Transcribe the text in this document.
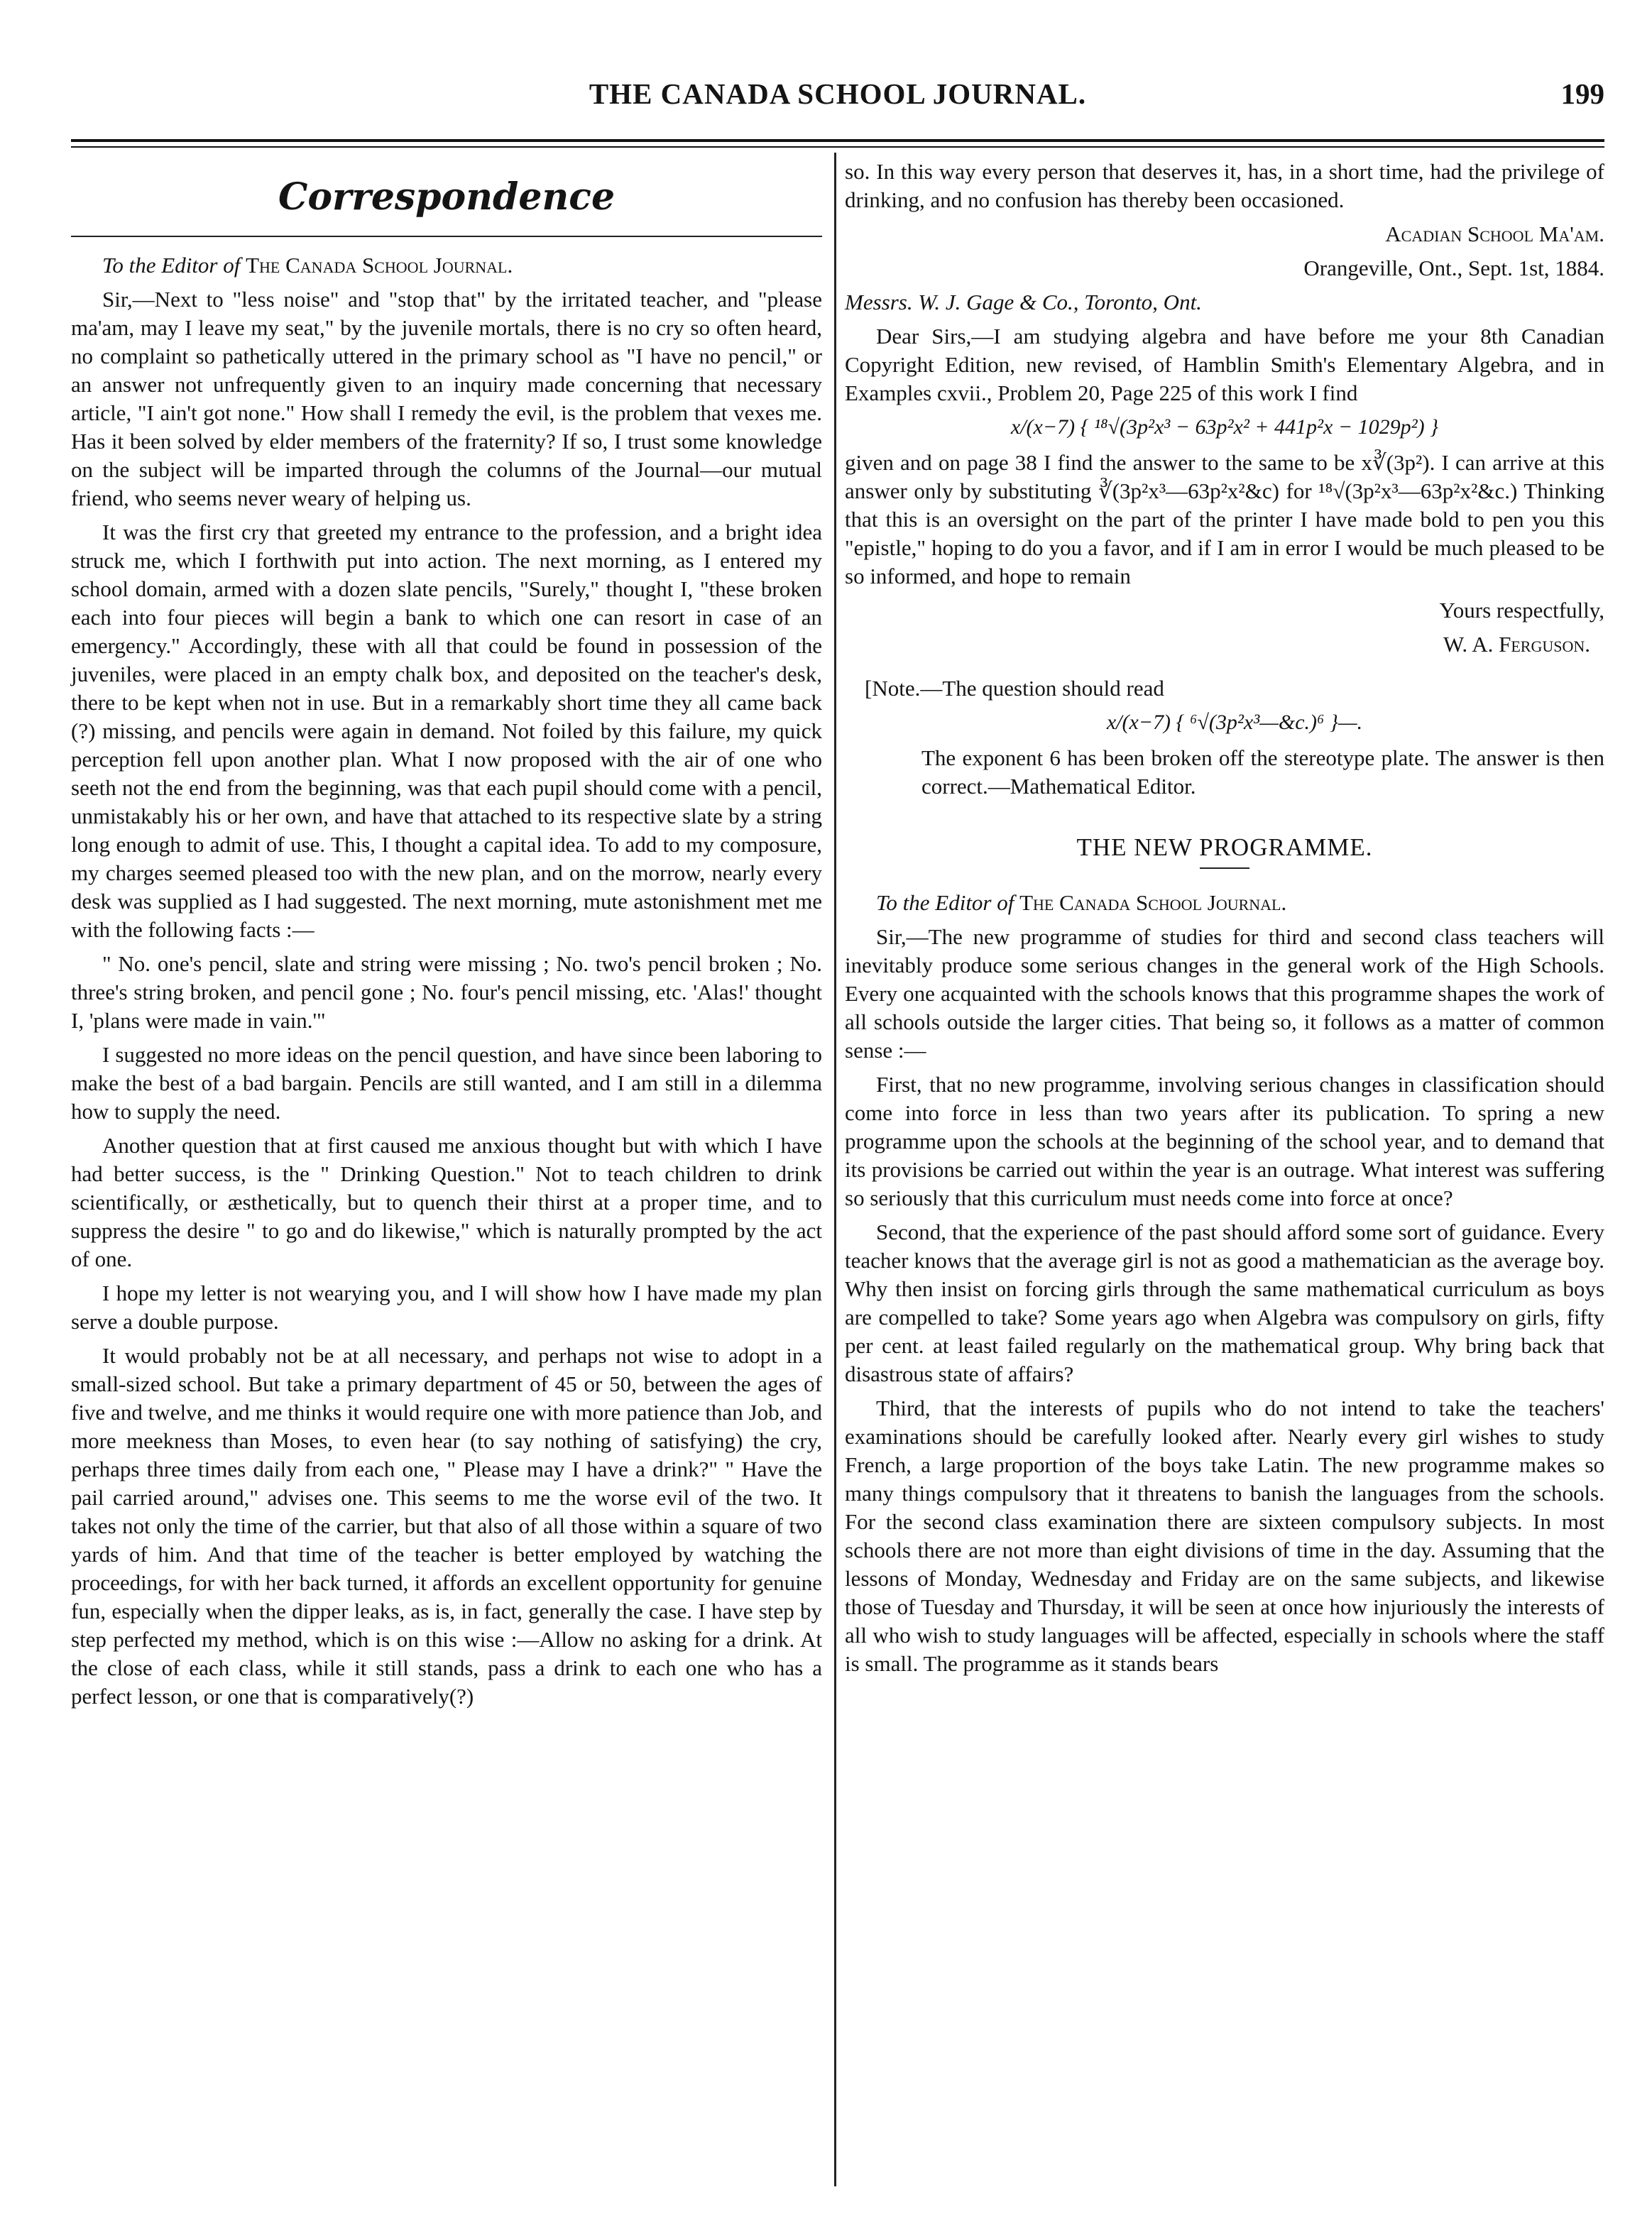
THE CANADA SCHOOL JOURNAL.	199
Correspondence

To the Editor of The Canada School Journal.

Sir,—Next to "less noise" and "stop that" by the irritated teacher, and "please ma'am, may I leave my seat," by the juvenile mortals, there is no cry so often heard, no complaint so pathetically uttered in the primary school as "I have no pencil," or an answer not unfrequently given to an inquiry made concerning that necessary article, "I ain't got none." How shall I remedy the evil, is the problem that vexes me. Has it been solved by elder members of the fraternity? If so, I trust some knowledge on the subject will be imparted through the columns of the Journal—our mutual friend, who seems never weary of helping us.

It was the first cry that greeted my entrance to the profession, and a bright idea struck me, which I forthwith put into action. The next morning, as I entered my school domain, armed with a dozen slate pencils, "Surely," thought I, "these broken each into four pieces will begin a bank to which one can resort in case of an emergency." Accordingly, these with all that could be found in possession of the juveniles, were placed in an empty chalk box, and deposited on the teacher's desk, there to be kept when not in use. But in a remarkably short time they all came back (?) missing, and pencils were again in demand. Not foiled by this failure, my quick perception fell upon another plan. What I now proposed with the air of one who seeth not the end from the beginning, was that each pupil should come with a pencil, unmistakably his or her own, and have that attached to its respective slate by a string long enough to admit of use. This, I thought a capital idea. To add to my composure, my charges seemed pleased too with the new plan, and on the morrow, nearly every desk was supplied as I had suggested. The next morning, mute astonishment met me with the following facts :—

" No. one's pencil, slate and string were missing ; No. two's pencil broken ; No. three's string broken, and pencil gone ; No. four's pencil missing, etc. 'Alas!' thought I, 'plans were made in vain.'"

I suggested no more ideas on the pencil question, and have since been laboring to make the best of a bad bargain. Pencils are still wanted, and I am still in a dilemma how to supply the need.

Another question that at first caused me anxious thought but with which I have had better success, is the " Drinking Question." Not to teach children to drink scientifically, or æsthetically, but to quench their thirst at a proper time, and to suppress the desire " to go and do likewise," which is naturally prompted by the act of one.

I hope my letter is not wearying you, and I will show how I have made my plan serve a double purpose.

It would probably not be at all necessary, and perhaps not wise to adopt in a small-sized school. But take a primary department of 45 or 50, between the ages of five and twelve, and me thinks it would require one with more patience than Job, and more meekness than Moses, to even hear (to say nothing of satisfying) the cry, perhaps three times daily from each one, " Please may I have a drink?" " Have the pail carried around," advises one. This seems to me the worse evil of the two. It takes not only the time of the carrier, but that also of all those within a square of two yards of him. And that time of the teacher is better employed by watching the proceedings, for with her back turned, it affords an excellent opportunity for genuine fun, especially when the dipper leaks, as is, in fact, generally the case. I have step by step perfected my method, which is on this wise :—Allow no asking for a drink. At the close of each class, while it still stands, pass a drink to each one who has a perfect lesson, or one that is comparatively(?)

so. In this way every person that deserves it, has, in a short time, had the privilege of drinking, and no confusion has thereby been occasioned.

Acadian School Ma'am.

Orangeville, Ont., Sept. 1st, 1884.

Messrs. W. J. Gage & Co., Toronto, Ont.

Dear Sirs,—I am studying algebra and have before me your 8th Canadian Copyright Edition, new revised, of Hamblin Smith's Elementary Algebra, and in Examples cxvii., Problem 20, Page 225 of this work I find

x/(x−7) { ¹⁸√(3p²x³ − 63p²x² + 441p²x − 1029p²) }

given and on page 38 I find the answer to the same to be x∛(3p²). I can arrive at this answer only by substituting ∛(3p²x³—63p²x²&c) for ¹⁸√(3p²x³—63p²x²&c.) Thinking that this is an oversight on the part of the printer I have made bold to pen you this "epistle," hoping to do you a favor, and if I am in error I would be much pleased to be so informed, and hope to remain

Yours respectfully,

W. A. Ferguson.

[Note.—The question should read

x/(x−7) { ⁶√(3p²x³—&c.)⁶ }—.

The exponent 6 has been broken off the stereotype plate. The answer is then correct.—Mathematical Editor.

THE NEW PROGRAMME.

To the Editor of The Canada School Journal.

Sir,—The new programme of studies for third and second class teachers will inevitably produce some serious changes in the general work of the High Schools. Every one acquainted with the schools knows that this programme shapes the work of all schools outside the larger cities. That being so, it follows as a matter of common sense :—

First, that no new programme, involving serious changes in classification should come into force in less than two years after its publication. To spring a new programme upon the schools at the beginning of the school year, and to demand that its provisions be carried out within the year is an outrage. What interest was suffering so seriously that this curriculum must needs come into force at once?

Second, that the experience of the past should afford some sort of guidance. Every teacher knows that the average girl is not as good a mathematician as the average boy. Why then insist on forcing girls through the same mathematical curriculum as boys are compelled to take? Some years ago when Algebra was compulsory on girls, fifty per cent. at least failed regularly on the mathematical group. Why bring back that disastrous state of affairs?

Third, that the interests of pupils who do not intend to take the teachers' examinations should be carefully looked after. Nearly every girl wishes to study French, a large proportion of the boys take Latin. The new programme makes so many things compulsory that it threatens to banish the languages from the schools. For the second class examination there are sixteen compulsory subjects. In most schools there are not more than eight divisions of time in the day. Assuming that the lessons of Monday, Wednesday and Friday are on the same subjects, and likewise those of Tuesday and Thursday, it will be seen at once how injuriously the interests of all who wish to study languages will be affected, especially in schools where the staff is small. The programme as it stands bears
